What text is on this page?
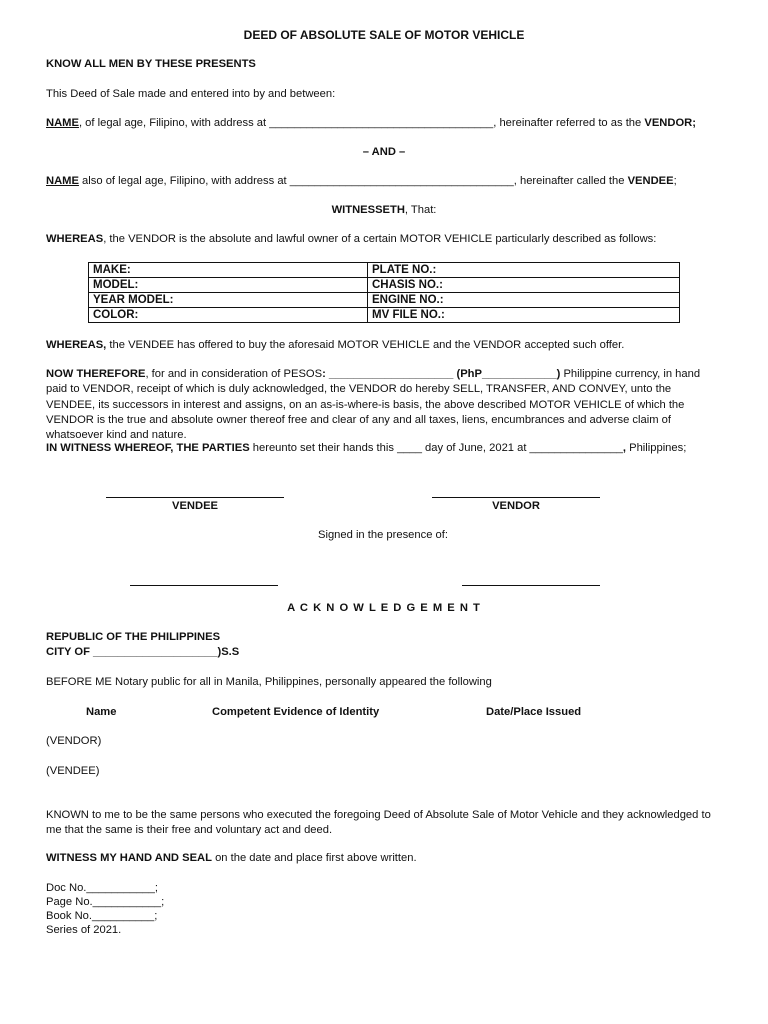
DEED OF ABSOLUTE SALE OF MOTOR VEHICLE
KNOW ALL MEN BY THESE PRESENTS
This Deed of Sale made and entered into by and between:
NAME, of legal age, Filipino, with address at ____________________________________, hereinafter referred to as the VENDOR;
– AND –
NAME also of legal age, Filipino, with address at ____________________________________, hereinafter called the VENDEE;
WITNESSETH, That:
WHEREAS, the VENDOR is the absolute and lawful owner of a certain MOTOR VEHICLE particularly described as follows:
MAKE:	PLATE NO.:
MODEL:	CHASIS NO.:
YEAR MODEL:	ENGINE NO.:
COLOR:	MV FILE NO.:
WHEREAS, the VENDEE has offered to buy the aforesaid MOTOR VEHICLE and the VENDOR accepted such offer.
NOW THEREFORE, for and in consideration of PESOS: ____________________ (PhP____________) Philippine currency, in hand paid to VENDOR, receipt of which is duly acknowledged, the VENDOR do hereby SELL, TRANSFER, AND CONVEY, unto the VENDEE, its successors in interest and assigns, on an as-is-where-is basis, the above described MOTOR VEHICLE of which the VENDOR is the true and absolute owner thereof free and clear of any and all taxes, liens, encumbrances and adverse claim of whatsoever kind and nature.
IN WITNESS WHEREOF, THE PARTIES hereunto set their hands this ____ day of June, 2021 at _______________, Philippines;
VENDEE	VENDOR
Signed in the presence of:
A C K N O W L E D G E M E N T
REPUBLIC OF THE PHILIPPINES
CITY OF ____________________)S.S
BEFORE ME Notary public for all in Manila, Philippines, personally appeared the following
Name	Competent Evidence of Identity	Date/Place Issued
(VENDOR)
(VENDEE)
KNOWN to me to be the same persons who executed the foregoing Deed of Absolute Sale of Motor Vehicle and they acknowledged to me that the same is their free and voluntary act and deed.
WITNESS MY HAND AND SEAL on the date and place first above written.
Doc No.___________;
Page No.___________;
Book No.__________;
Series of 2021.
